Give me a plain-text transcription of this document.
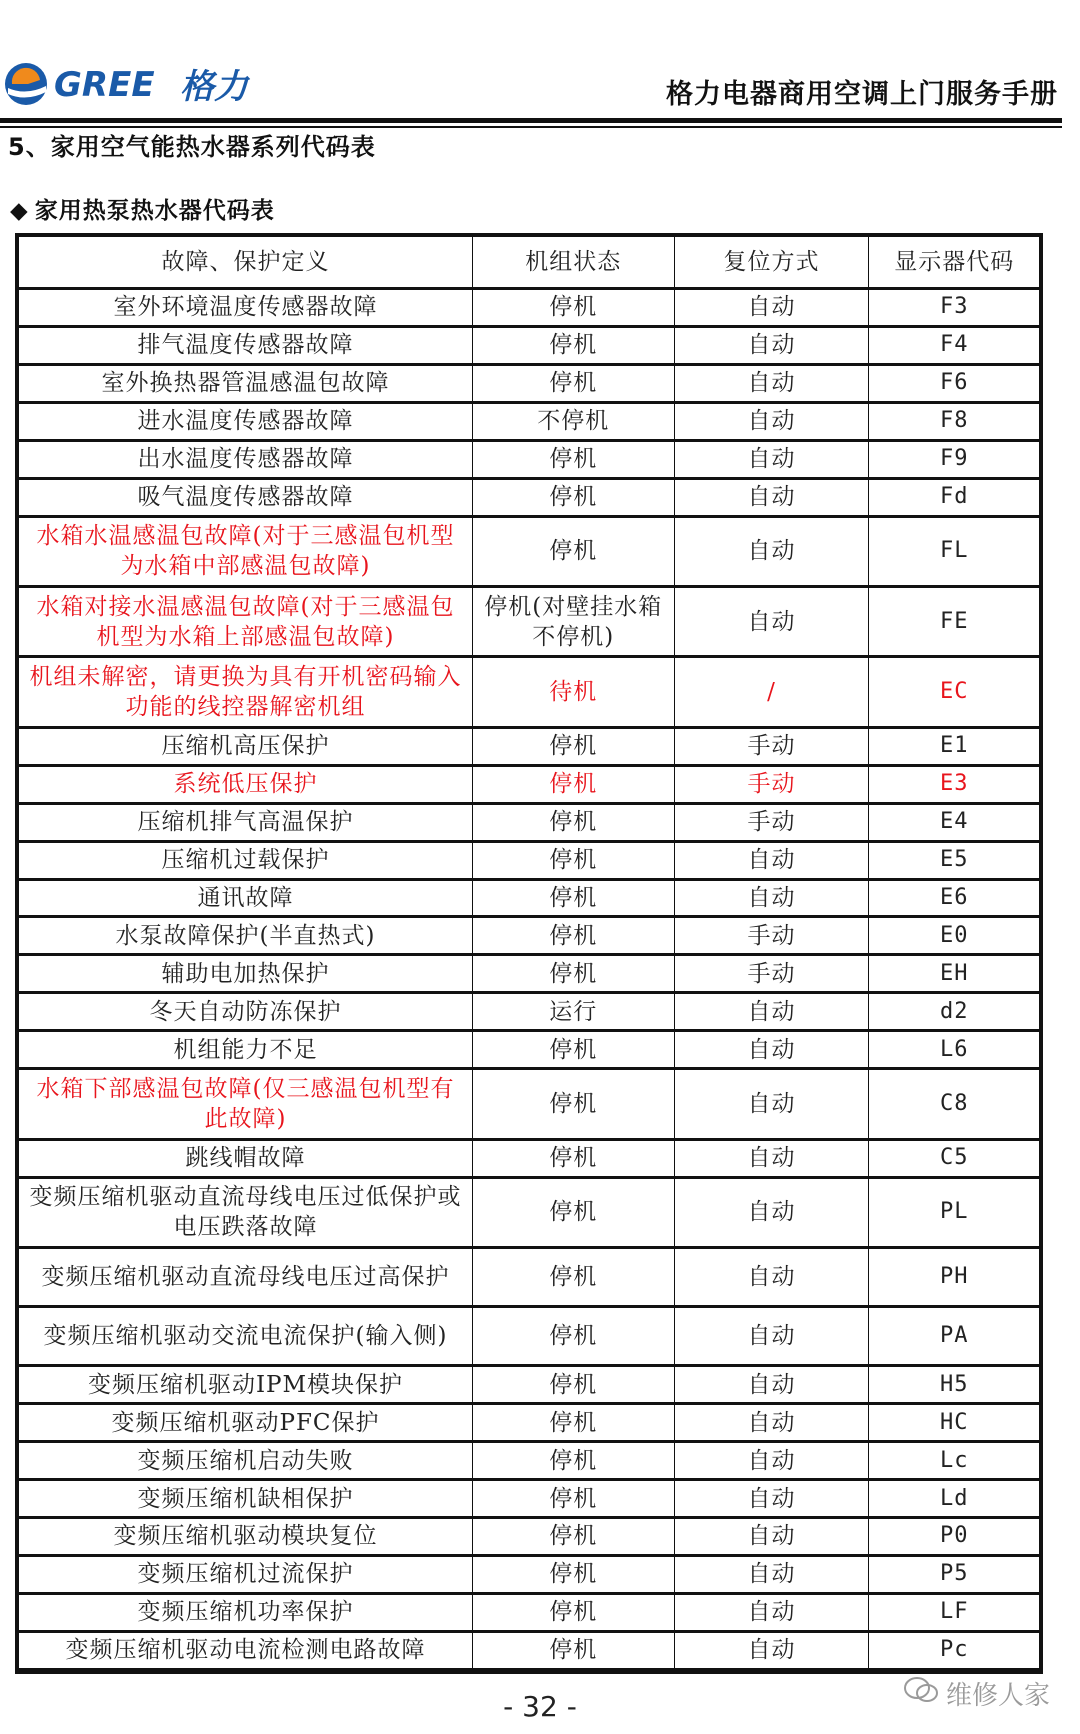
GREE 格力	格力电器商用空调上门服务手册
5、家用空气能热水器系列代码表
◆ 家用热泵热水器代码表
故障、保护定义	机组状态	复位方式	显示器代码
室外环境温度传感器故障	停机	自动	F3
排气温度传感器故障	停机	自动	F4
室外换热器管温感温包故障	停机	自动	F6
进水温度传感器故障	不停机	自动	F8
出水温度传感器故障	停机	自动	F9
吸气温度传感器故障	停机	自动	Fd
水箱水温感温包故障(对于三感温包机型为水箱中部感温包故障)	停机	自动	FL
水箱对接水温感温包故障(对于三感温包机型为水箱上部感温包故障)	停机(对壁挂水箱不停机)	自动	FE
机组未解密，请更换为具有开机密码输入功能的线控器解密机组	待机	/	EC
压缩机高压保护	停机	手动	E1
系统低压保护	停机	手动	E3
压缩机排气高温保护	停机	手动	E4
压缩机过载保护	停机	自动	E5
通讯故障	停机	自动	E6
水泵故障保护(半直热式)	停机	手动	E0
辅助电加热保护	停机	手动	EH
冬天自动防冻保护	运行	自动	d2
机组能力不足	停机	自动	L6
水箱下部感温包故障(仅三感温包机型有此故障)	停机	自动	C8
跳线帽故障	停机	自动	C5
变频压缩机驱动直流母线电压过低保护或电压跌落故障	停机	自动	PL
变频压缩机驱动直流母线电压过高保护	停机	自动	PH
变频压缩机驱动交流电流保护(输入侧)	停机	自动	PA
变频压缩机驱动IPM模块保护	停机	自动	H5
变频压缩机驱动PFC保护	停机	自动	HC
变频压缩机启动失败	停机	自动	Lc
变频压缩机缺相保护	停机	自动	Ld
变频压缩机驱动模块复位	停机	自动	P0
变频压缩机过流保护	停机	自动	P5
变频压缩机功率保护	停机	自动	LF
变频压缩机驱动电流检测电路故障	停机	自动	Pc
维修人家
- 32 -
